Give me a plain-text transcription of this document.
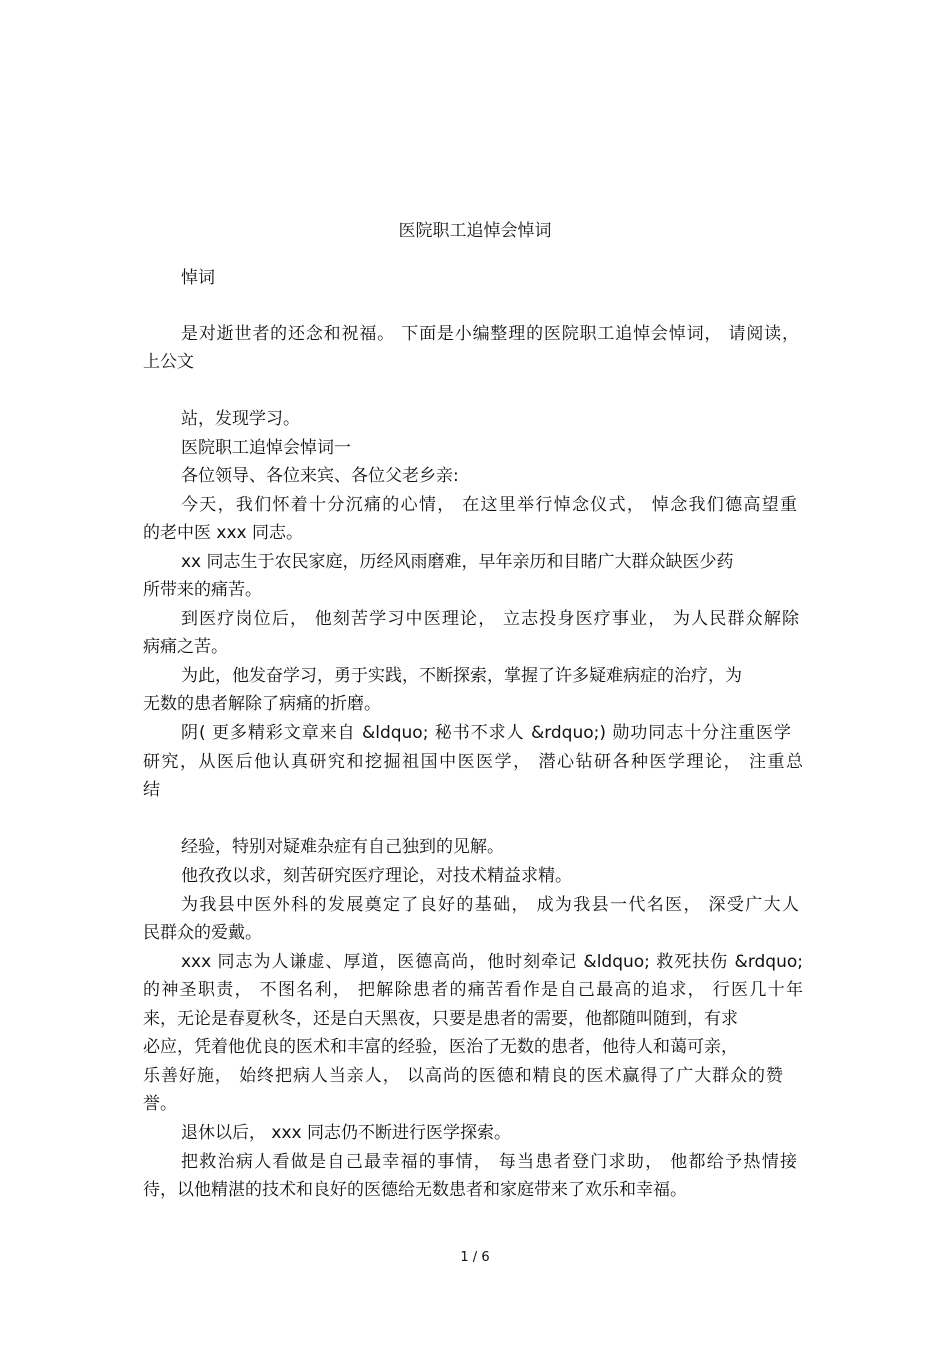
医院职工追悼会悼词
悼词
是对逝世者的还念和祝福。 下面是小编整理的医院职工追悼会悼词， 请阅读，
上公文
站，发现学习。
医院职工追悼会悼词一
各位领导、各位来宾、各位父老乡亲:
今天，我们怀着十分沉痛的心情， 在这里举行悼念仪式， 悼念我们德高望重
的老中医 xxx 同志。
xx 同志生于农民家庭，历经风雨磨难，早年亲历和目睹广大群众缺医少药
所带来的痛苦。
到医疗岗位后， 他刻苦学习中医理论， 立志投身医疗事业， 为人民群众解除
病痛之苦。
为此，他发奋学习，勇于实践，不断探索，掌握了许多疑难病症的治疗，为
无数的患者解除了病痛的折磨。
阴( 更多精彩文章来自 &ldquo; 秘书不求人 &rdquo;) 勋功同志十分注重医学
研究，从医后他认真研究和挖掘祖国中医医学， 潜心钻研各种医学理论， 注重总
结
经验，特别对疑难杂症有自己独到的见解。
他孜孜以求，刻苦研究医疗理论，对技术精益求精。
为我县中医外科的发展奠定了良好的基础， 成为我县一代名医， 深受广大人
民群众的爱戴。
xxx 同志为人谦虚、厚道，医德高尚，他时刻牵记 &ldquo; 救死扶伤 &rdquo;
的神圣职责， 不图名利， 把解除患者的痛苦看作是自己最高的追求， 行医几十年
来，无论是春夏秋冬，还是白天黑夜，只要是患者的需要，他都随叫随到，有求
必应，凭着他优良的医术和丰富的经验，医治了无数的患者，他待人和蔼可亲，
乐善好施， 始终把病人当亲人， 以高尚的医德和精良的医术赢得了广大群众的赞
誉。
退休以后， xxx 同志仍不断进行医学探索。
把救治病人看做是自己最幸福的事情， 每当患者登门求助， 他都给予热情接
待，以他精湛的技术和良好的医德给无数患者和家庭带来了欢乐和幸福。
1 / 6
